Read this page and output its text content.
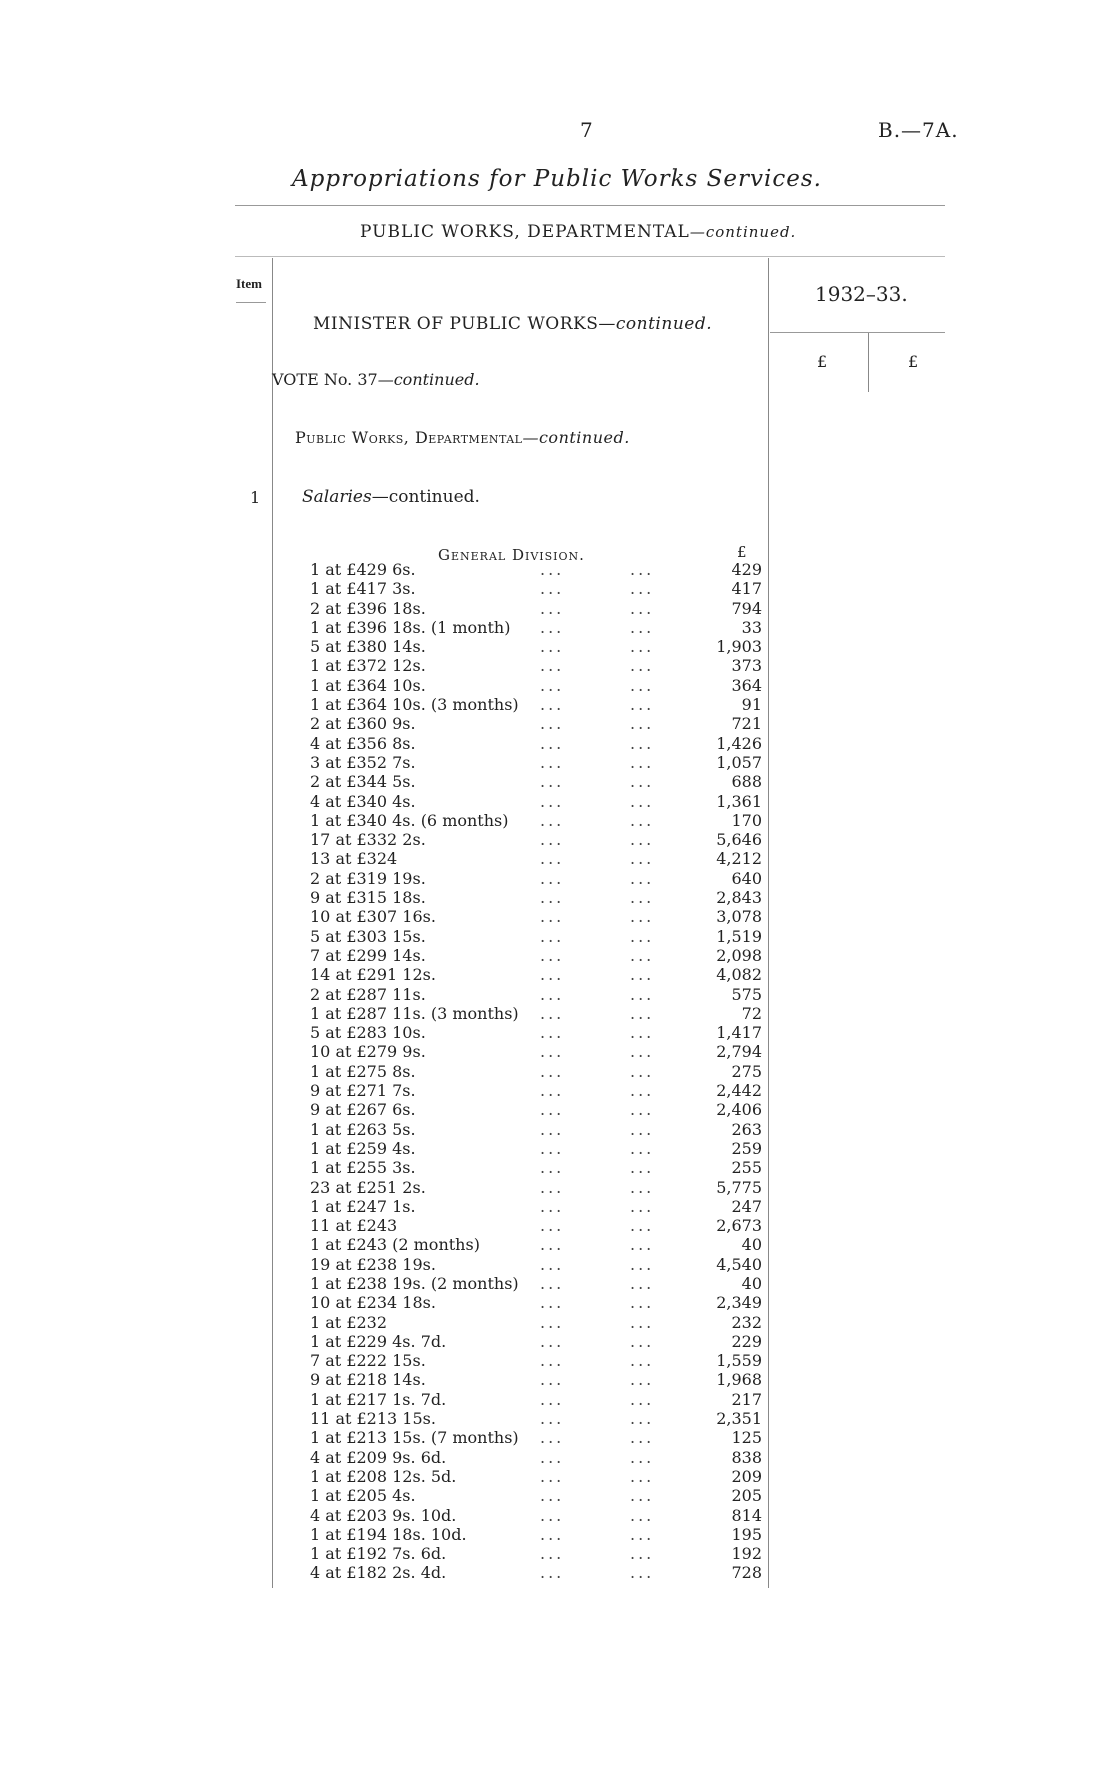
7	B.—7A.
Appropriations for Public Works Services.
PUBLIC WORKS, DEPARTMENTAL—continued.
Item	1932–33.
£	£
MINISTER OF PUBLIC WORKS—continued.
VOTE No. 37—continued.
Public Works, Departmental—continued.
1 Salaries—continued.
General Division.	£
1 at £429 6s.	...	...	429
1 at £417 3s.	...	...	417
2 at £396 18s.	...	...	794
1 at £396 18s. (1 month)	...	...	33
5 at £380 14s.	...	...	1,903
1 at £372 12s.	...	...	373
1 at £364 10s.	...	...	364
1 at £364 10s. (3 months)	...	...	91
2 at £360 9s.	...	...	721
4 at £356 8s.	...	...	1,426
3 at £352 7s.	...	...	1,057
2 at £344 5s.	...	...	688
4 at £340 4s.	...	...	1,361
1 at £340 4s. (6 months)	...	...	170
17 at £332 2s.	...	...	5,646
13 at £324	...	...	4,212
2 at £319 19s.	...	...	640
9 at £315 18s.	...	...	2,843
10 at £307 16s.	...	...	3,078
5 at £303 15s.	...	...	1,519
7 at £299 14s.	...	...	2,098
14 at £291 12s.	...	...	4,082
2 at £287 11s.	...	...	575
1 at £287 11s. (3 months)	...	...	72
5 at £283 10s.	...	...	1,417
10 at £279 9s.	...	...	2,794
1 at £275 8s.	...	...	275
9 at £271 7s.	...	...	2,442
9 at £267 6s.	...	...	2,406
1 at £263 5s.	...	...	263
1 at £259 4s.	...	...	259
1 at £255 3s.	...	...	255
23 at £251 2s.	...	...	5,775
1 at £247 1s.	...	...	247
11 at £243	...	...	2,673
1 at £243 (2 months)	...	...	40
19 at £238 19s.	...	...	4,540
1 at £238 19s. (2 months)	...	...	40
10 at £234 18s.	...	...	2,349
1 at £232	...	...	232
1 at £229 4s. 7d.	...	...	229
7 at £222 15s.	...	...	1,559
9 at £218 14s.	...	...	1,968
1 at £217 1s. 7d.	...	...	217
11 at £213 15s.	...	...	2,351
1 at £213 15s. (7 months)	...	...	125
4 at £209 9s. 6d.	...	...	838
1 at £208 12s. 5d.	...	...	209
1 at £205 4s.	...	...	205
4 at £203 9s. 10d.	...	...	814
1 at £194 18s. 10d.	...	...	195
1 at £192 7s. 6d.	...	...	192
4 at £182 2s. 4d.	...	...	728
